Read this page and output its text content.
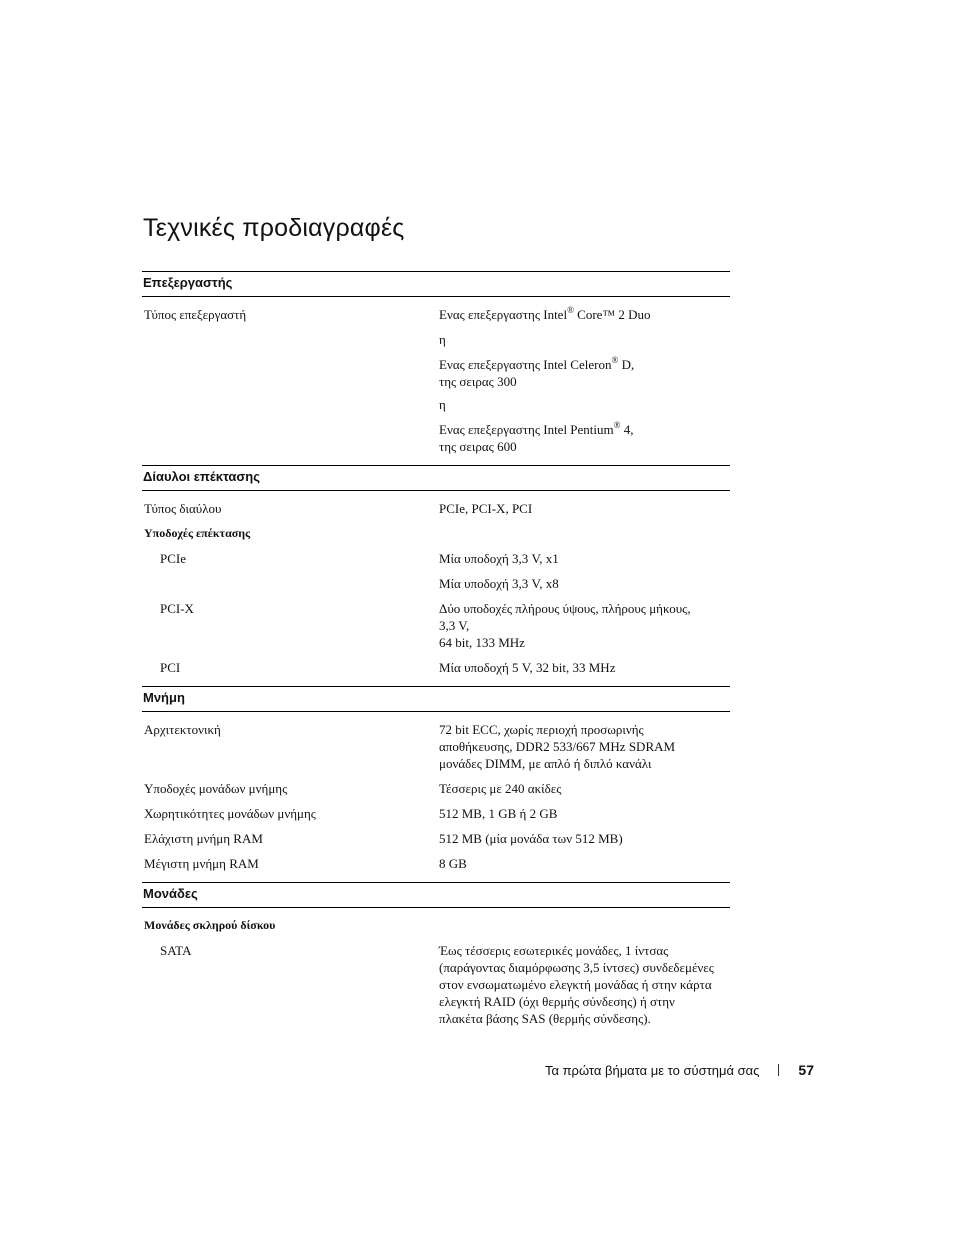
Τεχνικές προδιαγραφές
Επεξεργαστής
Τύπος επεξεργαστή	Ενας επεξεργαστης Intel® Core™ 2 Duo
η
Ενας επεξεργαστης Intel Celeron® D,
της σειρας 300
η
Ενας επεξεργαστης Intel Pentium® 4,
της σειρας 600
Δίαυλοι επέκτασης
Τύπος διαύλου	PCIe, PCI-X, PCI
Υποδοχές επέκτασης
PCIe	Μία υποδοχή 3,3 V, x1
Μία υποδοχή 3,3 V, x8
PCI-X	Δύο υποδοχές πλήρους ύψους, πλήρους μήκους,
3,3 V,
64 bit, 133 MHz
PCI	Μία υποδοχή 5 V, 32 bit, 33 MHz
Μνήμη
Αρχιτεκτονική	72 bit ECC, χωρίς περιοχή προσωρινής
αποθήκευσης, DDR2 533/667 MHz SDRAM
μονάδες DIMM, με απλό ή διπλό κανάλι
Υποδοχές μονάδων μνήμης	Τέσσερις με 240 ακίδες
Χωρητικότητες μονάδων μνήμης	512 MB, 1 GB ή 2 GB
Ελάχιστη μνήμη RAM	512 MB (μία μονάδα των 512 MB)
Μέγιστη μνήμη RAM	8 GB
Μονάδες
Μονάδες σκληρού δίσκου
SATA	Έως τέσσερις εσωτερικές μονάδες, 1 ίντσας
(παράγοντας διαμόρφωσης 3,5 ίντσες) συνδεδεμένες
στον ενσωματωμένο ελεγκτή μονάδας ή στην κάρτα
ελεγκτή RAID (όχι θερμής σύνδεσης) ή στην
πλακέτα βάσης SAS (θερμής σύνδεσης).
Τα πρώτα βήματα με το σύστημά σας	57
